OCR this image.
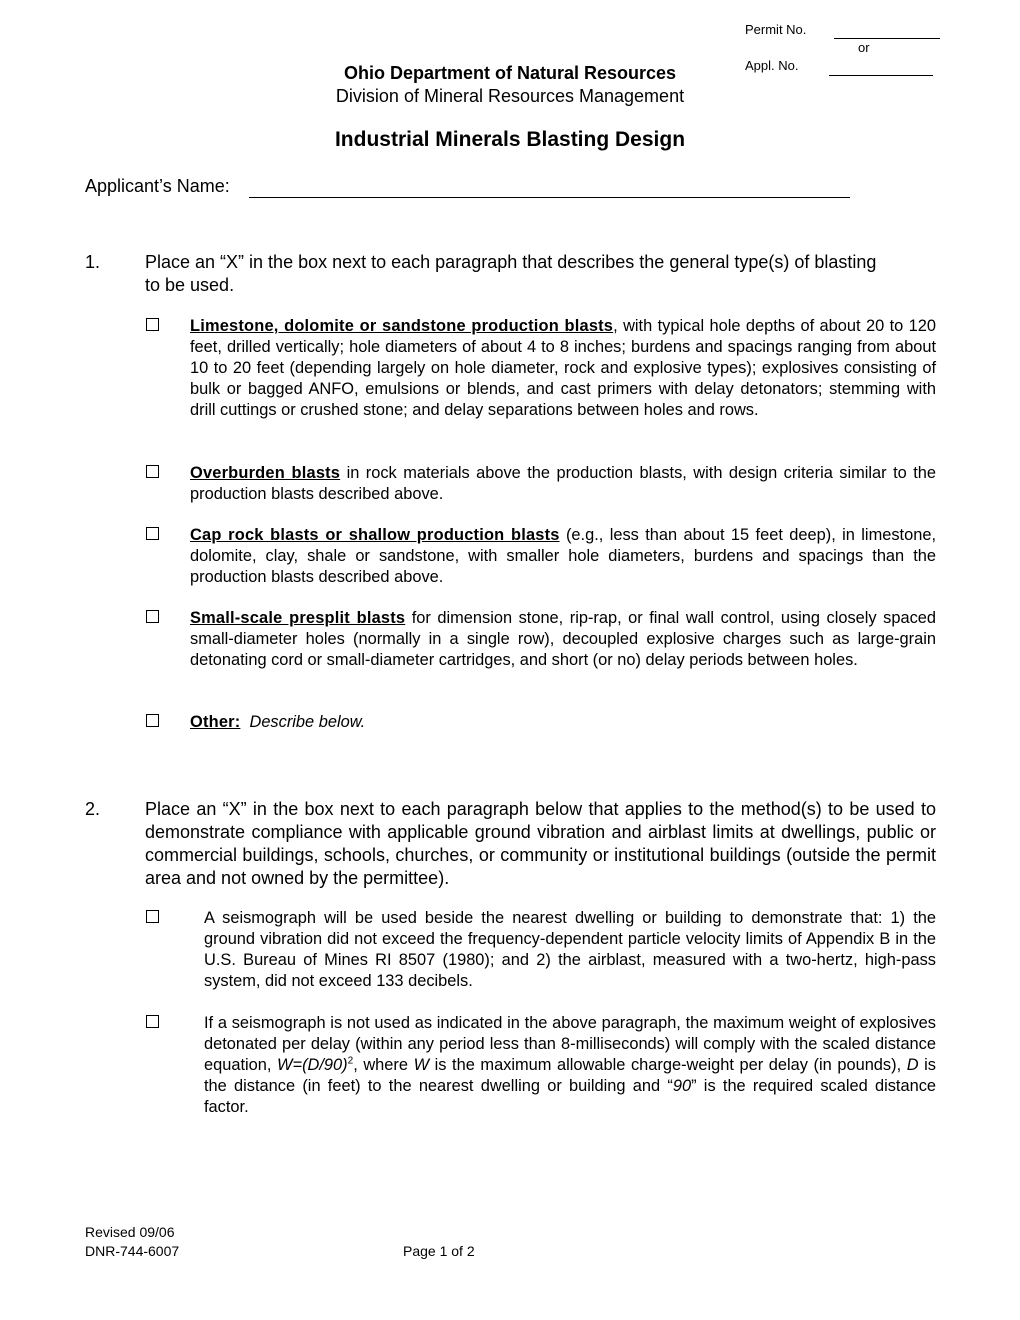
Permit No.
or
Appl. No.
Ohio Department of Natural Resources
Division of Mineral Resources Management
Industrial Minerals Blasting Design
Applicant’s Name:
1. Place an “X” in the box next to each paragraph that describes the general type(s) of blasting to be used.
Limestone, dolomite or sandstone production blasts, with typical hole depths of about 20 to 120 feet, drilled vertically; hole diameters of about 4 to 8 inches; burdens and spacings ranging from about 10 to 20 feet (depending largely on hole diameter, rock and explosive types); explosives consisting of bulk or bagged ANFO, emulsions or blends, and cast primers with delay detonators; stemming with drill cuttings or crushed stone; and delay separations between holes and rows.
Overburden blasts in rock materials above the production blasts, with design criteria similar to the production blasts described above.
Cap rock blasts or shallow production blasts (e.g., less than about 15 feet deep), in limestone, dolomite, clay, shale or sandstone, with smaller hole diameters, burdens and spacings than the production blasts described above.
Small-scale presplit blasts for dimension stone, rip-rap, or final wall control, using closely spaced small-diameter holes (normally in a single row), decoupled explosive charges such as large-grain detonating cord or small-diameter cartridges, and short (or no) delay periods between holes.
Other: Describe below.
2. Place an “X” in the box next to each paragraph below that applies to the method(s) to be used to demonstrate compliance with applicable ground vibration and airblast limits at dwellings, public or commercial buildings, schools, churches, or community or institutional buildings (outside the permit area and not owned by the permittee).
A seismograph will be used beside the nearest dwelling or building to demonstrate that: 1) the ground vibration did not exceed the frequency-dependent particle velocity limits of Appendix B in the U.S. Bureau of Mines RI 8507 (1980); and 2) the airblast, measured with a two-hertz, high-pass system, did not exceed 133 decibels.
If a seismograph is not used as indicated in the above paragraph, the maximum weight of explosives detonated per delay (within any period less than 8-milliseconds) will comply with the scaled distance equation, $W=(D/90)^2$, where W is the maximum allowable charge-weight per delay (in pounds), D is the distance (in feet) to the nearest dwelling or building and “90” is the required scaled distance factor.
Revised 09/06
DNR-744-6007	Page 1 of 2
